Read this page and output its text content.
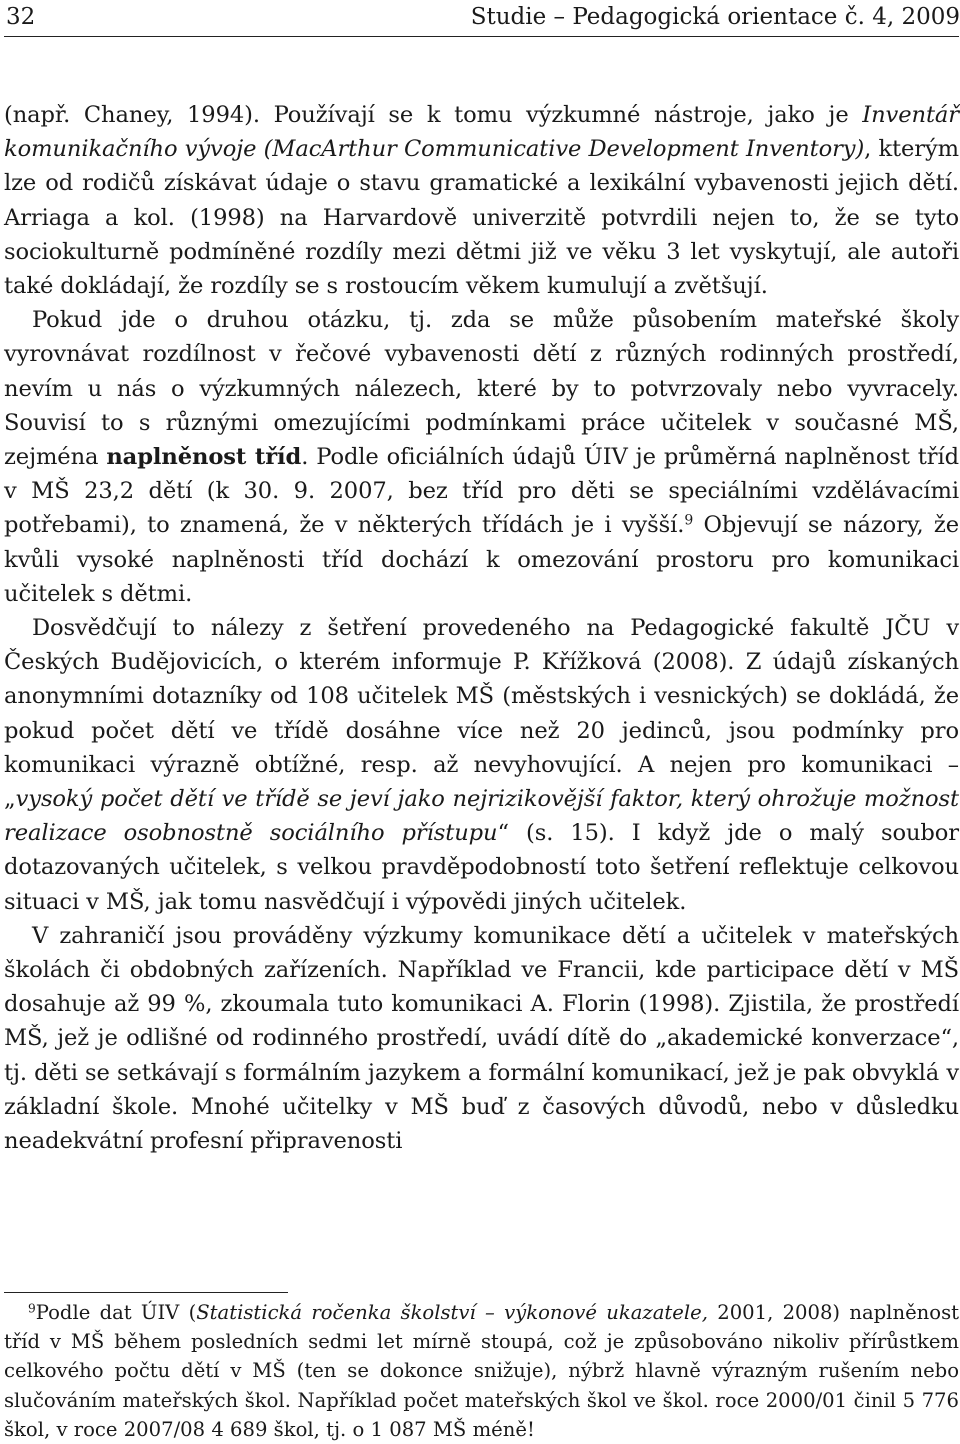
32	Studie – Pedagogická orientace č. 4, 2009

(např. Chaney, 1994). Používají se k tomu výzkumné nástroje, jako je Inventář komunikačního vývoje (MacArthur Communicative Development Inventory), kterým lze od rodičů získávat údaje o stavu gramatické a lexikální vybavenosti jejich dětí. Arriaga a kol. (1998) na Harvardově univerzitě potvrdili nejen to, že se tyto sociokulturně podmíněné rozdíly mezi dětmi již ve věku 3 let vyskytují, ale autoři také dokládají, že rozdíly se s rostoucím věkem kumulují a zvětšují.

Pokud jde o druhou otázku, tj. zda se může působením mateřské školy vyrovnávat rozdílnost v řečové vybavenosti dětí z různých rodinných prostředí, nevím u nás o výzkumných nálezech, které by to potvrzovaly nebo vyvracely. Souvisí to s různými omezujícími podmínkami práce učitelek v současné MŠ, zejména naplněnost tříd. Podle oficiálních údajů ÚIV je průměrná naplněnost tříd v MŠ 23,2 dětí (k 30. 9. 2007, bez tříd pro děti se speciálními vzdělávacími potřebami), to znamená, že v některých třídách je i vyšší.$^9$ Objevují se názory, že kvůli vysoké naplněnosti tříd dochází k omezování prostoru pro komunikaci učitelek s dětmi.

Dosvědčují to nálezy z šetření provedeného na Pedagogické fakultě JČU v Českých Budějovicích, o kterém informuje P. Křížková (2008). Z údajů získaných anonymními dotazníky od 108 učitelek MŠ (městských i vesnických) se dokládá, že pokud počet dětí ve třídě dosáhne více než 20 jedinců, jsou podmínky pro komunikaci výrazně obtížné, resp. až nevyhovující. A nejen pro komunikaci – „vysoký počet dětí ve třídě se jeví jako nejrizikovější faktor, který ohrožuje možnost realizace osobnostně sociálního přístupu“ (s. 15). I když jde o malý soubor dotazovaných učitelek, s velkou pravděpodobností toto šetření reflektuje celkovou situaci v MŠ, jak tomu nasvědčují i výpovědi jiných učitelek.

V zahraničí jsou prováděny výzkumy komunikace dětí a učitelek v mateřských školách či obdobných zařízeních. Například ve Francii, kde participace dětí v MŠ dosahuje až 99 %, zkoumala tuto komunikaci A. Florin (1998). Zjistila, že prostředí MŠ, jež je odlišné od rodinného prostředí, uvádí dítě do „akademické konverzace“, tj. děti se setkávají s formálním jazykem a formální komunikací, jež je pak obvyklá v základní škole. Mnohé učitelky v MŠ buď z časových důvodů, nebo v důsledku neadekvátní profesní připravenosti

$^9$Podle dat ÚIV (Statistická ročenka školství – výkonové ukazatele, 2001, 2008) naplněnost tříd v MŠ během posledních sedmi let mírně stoupá, což je způsobováno nikoliv přírůstkem celkového počtu dětí v MŠ (ten se dokonce snižuje), nýbrž hlavně výrazným rušením nebo slučováním mateřských škol. Například počet mateřských škol ve škol. roce 2000/01 činil 5 776 škol, v roce 2007/08 4 689 škol, tj. o 1 087 MŠ méně!
